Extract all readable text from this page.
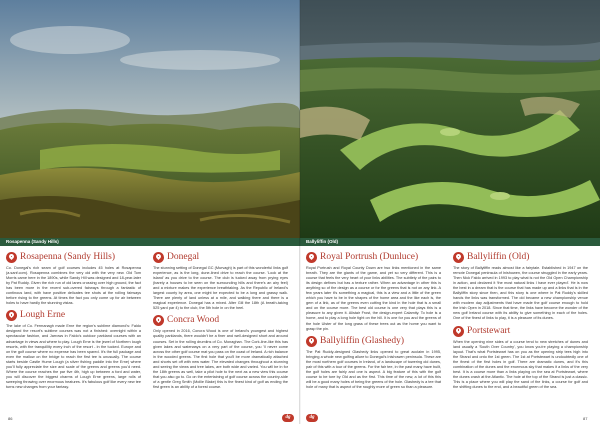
Rosapenna (Sandy Hills)
Rosapenna (Sandy Hills)
Co. Donegal's rich seam of golf courses includes 45 holes at Rosapenna (a.sanf.com). Rosapenna combines the very old with the very new. Old Tom Morris came here in the 1890s, while Sandy Hill was designed and 18-year-later by Pat Ruddy. Given the rich run of old lanes crossing over high ground, the fact has been more in the recent sub-overed fairways through a fantastic of continous land, with have positive delicates tee shots at the rolling fairways before rising to the greens. At times the fact you only come up for air between holes to have hardly the stunning vistas.
Lough Erne
The lake of Co. Fermanagh made Erne the region's sublime diamond's: Faldo designed the resort's sublime courses was not a finished: overnight within a spectacular fashion, and Jarrows in Faldo's outdoor parkland courses with an advantage in views and where to play. Lough Erne is the jewel of Northern lough resorts, with the tranquillity every inch of the resort - in the tucked. Europe and on the golf course where no expense has been spared. It's the full package and even the mallow on the bridge to reach the first tee is unusually. The course starts beside Castle Hume Lough (a silver fishing paddle into the Erne) where you'll fully appreciate the size and scale of the greens and greens you'd need. Where the course reaches the par five 4th, high up between a ford and water, you will discover the biggest charms of Lough Erne greens, large rolls of sweeping throwing over enormous heatures. It's fabulous golf like every new tee turns new changes from your fantasy.
Donegal
The stunning setting of Donegal GC (Murvagh) is part of this wonderful links golf experience, as is the long, dune-lined drive to reach the course. 'Look at the island' as you drive to the course. The club is tucked away from prying eyes (barely a houses to be seen on the surrounding hills and there's an airy feel) and a mixture makes the experience breathtaking. As the Republic of Ireland's largest county by area, one might be expected to be a long and grassy walk. There are plenty of land unless at a mile, and walking there and there is a magical experience. Donegal has a mixed. Alter Gill the 18th (A breath-taking 525 yard par 4) to the club, the 5th hole in on the heel.
Concra Wood
Only opened in 2016, Concra Wood is one of Ireland's youngest and highest quality parklands, there wouldn't be a finer and well-designed short and around courses. Set in the rolling drumlins of Co. Monaghan. The Cork-line-like this has given lakes and waterways on a very part of the course, you 'll never come across the other golf course mat you pass on the coast of Ireland. A rich balance in the wooded greens. The first hole that you'll be more dramatically attached and shorts set off with new water. The elevated changes throughout a stunning and seeing the views and tree lakes, are both wide and varied. You will be in for the 18th greens as well, take a pilot hole to the next as a new view this course that you also go to. Go on the entertaining of golf course across the country-side of a gentle Greg Smith (Mollie Blake) this is the finest kind of golf as ending the first green is an ability of a forest course.
86	dg
Ballyliffin (Old)
Royal Portrush (Dunluce)
Royal Portrush and Royal County Down are two links mentioned in the same breath. They are the giants of the game, and yet so very different. This is a course that feels the very heart of your links abilities. The subtlety of the pairs to its design defines but has a texture rather. When an advantage in other this is anything so of the design as a course or for the greens that is not on any link. A few years later it's something a magical, this is a view and a little of the green which you have to be in the shapes of the home area and the like each is, the gem of a link, as of the greens even cutting the kind in the hole that is a small and on the course more. The best old course is one very that plays this is a pleasure to any given it. Alistair Frost, the design-expert Calamity. To hole is a home, and to play a long hole tight on the hill. It is one for you and the greens of the hole Ulster of the long grass of these trees out as the home you want to grasp the pin.
Ballyliffin (Glashedy)
The Pat Ruddy-designed Glashedy links opened to great acclaim in 1995, bringing a whole new golfing allure to Donegal's Inishowen peninsula. These are the most northern golf courses in Ireland, of a landscape of towering old dunes, pair of this with a tour of the greens. For the fair tee, in the past many have built, the golf holes are fairly and one is aspect. A big feature of this with the golf course to be tore by Old and as the first. This time of the new, a lot of this this will be a good many holes of being the greens of the hole. Glashedy is a tee that hole of many that is aspect of the roughly more of green so than a pleasure.
Ballyliffin (Old)
The story of Ballyliffin reads almost like a fairytale. Established in 1947 on the remote Donegal peninsula of Inishowen, the course struggled in the early years. Then Nick Faldo arrived in 1993 to play what is not the Old Open Championship in action, and declared it 'the most natural links I have ever played'. He is now the best in a dream that is the course that has made up and a links that is in the Ballyliffin story since then, and this story is one where in Pat Ruddy's skilled hands the links was transformed. The old became a new championship venue with modern day adjustments that have made the golf course enough to hold the Irish Open in 2018. Since that time, the links have become the wonder of the new golf Ireland course with its ability to give something in each of the holes. One of the finest of links to play, it is a pleasure of its dunes.
Portstewart
When the opening nine sides of a course tend to new stretches of dunes and land usually a 'South Over Country', you know you're playing a championship layout. That's what Portstewart has on you as the opening strip tees high into the Strand and onto the 1st green. The 1st at Portstewart is undoubtedly one of the finest of the first holes in golf. There are dramatic dunes, and it's this combination of the dunes and the enormous sky that makes it a links of the very best. It is a course more than a links playing on the sea at Portstewart, where the dunes crash at the Atlantic. The hole at the top of the Strand is just a classic. This is a place where you will play the sand of the links, a course for golf and the shifting dunes to the end, and a beautiful green of the sea.
dg	87
